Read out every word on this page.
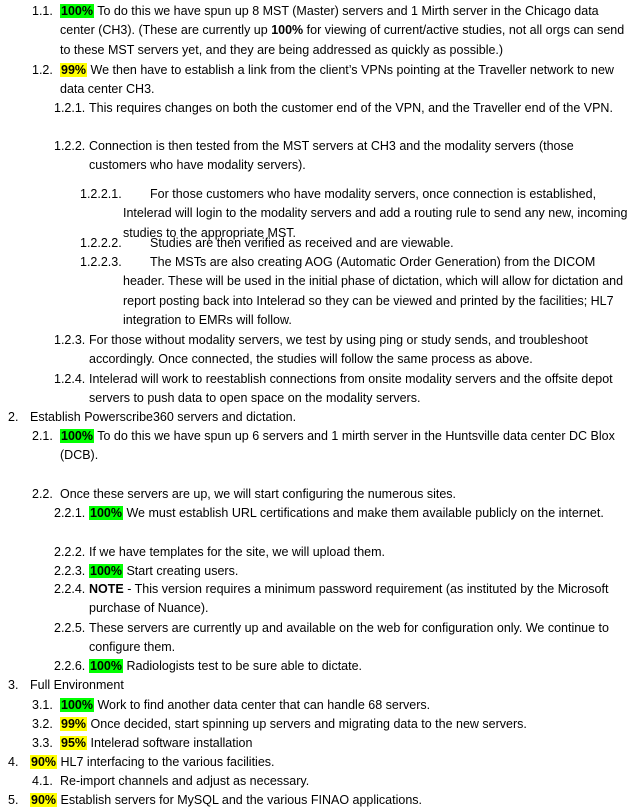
1.1. 100% To do this we have spun up 8 MST (Master) servers and 1 Mirth server in the Chicago data center (CH3). (These are currently up 100% for viewing of current/active studies, not all orgs can send to these MST servers yet, and they are being addressed as quickly as possible.)

1.2. 99% We then have to establish a link from the client’s VPNs pointing at the Traveller network to new data center CH3.

1.2.1. This requires changes on both the customer end of the VPN, and the Traveller end of the VPN.

1.2.2. Connection is then tested from the MST servers at CH3 and the modality servers (those customers who have modality servers).

1.2.2.1.	For those customers who have modality servers, once connection is established, Intelerad will login to the modality servers and add a routing rule to send any new, incoming studies to the appropriate MST.

1.2.2.2.	Studies are then verified as received and are viewable.

1.2.2.3.	The MSTs are also creating AOG (Automatic Order Generation) from the DICOM header. These will be used in the initial phase of dictation, which will allow for dictation and report posting back into Intelerad so they can be viewed and printed by the facilities; HL7 integration to EMRs will follow.

1.2.3. For those without modality servers, we test by using ping or study sends, and troubleshoot accordingly. Once connected, the studies will follow the same process as above.

1.2.4. Intelerad will work to reestablish connections from onsite modality servers and the offsite depot servers to push data to open space on the modality servers.

2. Establish Powerscribe360 servers and dictation.

2.1. 100% To do this we have spun up 6 servers and 1 mirth server in the Huntsville data center DC Blox (DCB).

2.2. Once these servers are up, we will start configuring the numerous sites.

2.2.1. 100% We must establish URL certifications and make them available publicly on the internet.

2.2.2. If we have templates for the site, we will upload them.

2.2.3. 100% Start creating users.

2.2.4. NOTE - This version requires a minimum password requirement (as instituted by the Microsoft purchase of Nuance).

2.2.5. These servers are currently up and available on the web for configuration only. We continue to configure them.

2.2.6. 100% Radiologists test to be sure able to dictate.

3. Full Environment

3.1. 100% Work to find another data center that can handle 68 servers.

3.2. 99% Once decided, start spinning up servers and migrating data to the new servers.

3.3. 95% Intelerad software installation

4. 90% HL7 interfacing to the various facilities.

4.1. Re-import channels and adjust as necessary.

5. 90% Establish servers for MySQL and the various FINAO applications.
